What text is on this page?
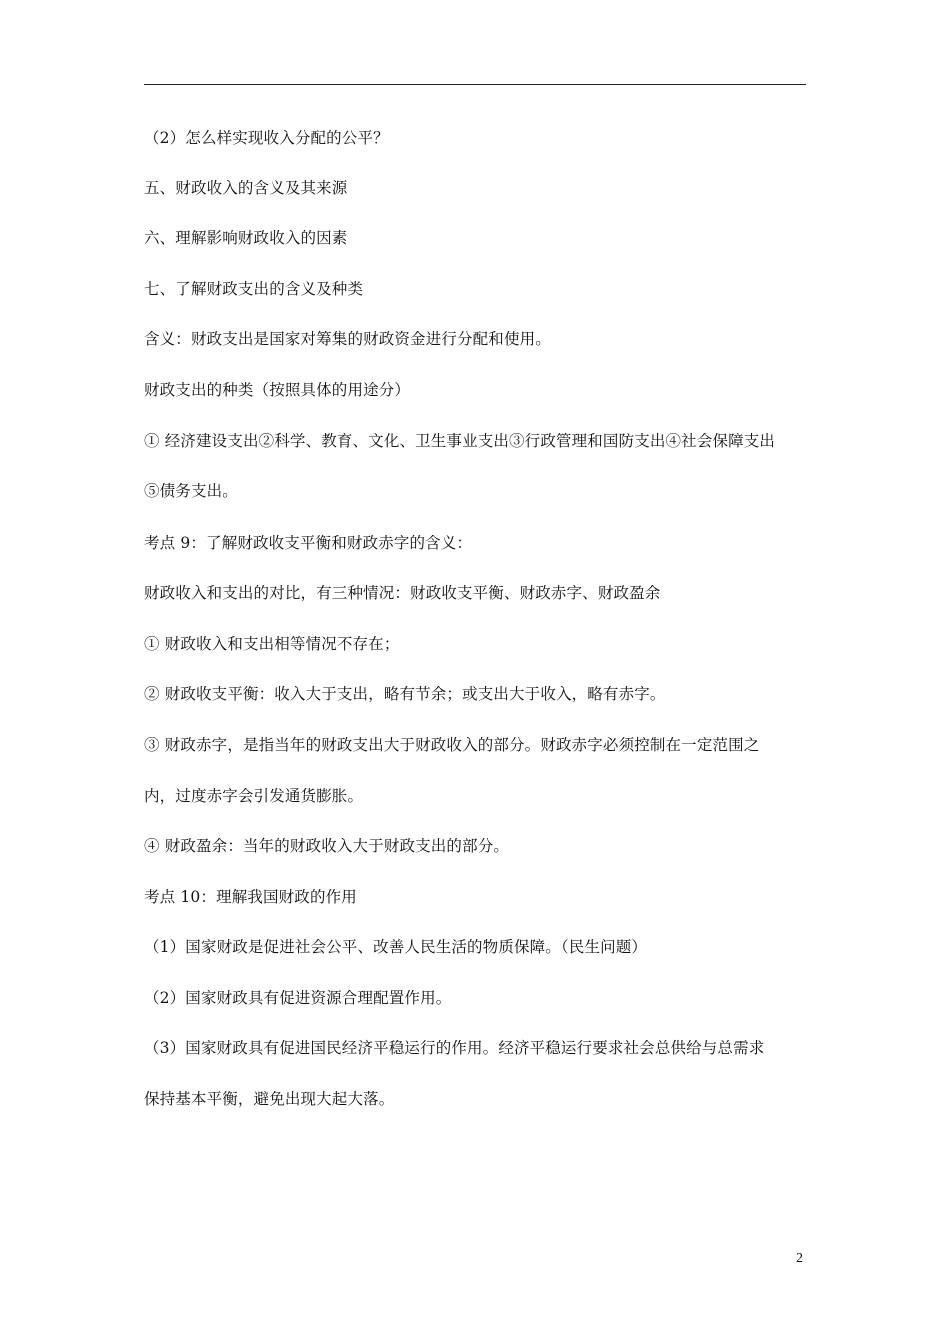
（2）怎么样实现收入分配的公平？
五、财政收入的含义及其来源
六、理解影响财政收入的因素
七、了解财政支出的含义及种类
含义：财政支出是国家对筹集的财政资金进行分配和使用。
财政支出的种类（按照具体的用途分）
① 经济建设支出②科学、教育、文化、卫生事业支出③行政管理和国防支出④社会保障支出
⑤债务支出。
考点 9：了解财政收支平衡和财政赤字的含义：
财政收入和支出的对比，有三种情况：财政收支平衡、财政赤字、财政盈余
① 财政收入和支出相等情况不存在；
② 财政收支平衡：收入大于支出，略有节余；或支出大于收入，略有赤字。
③ 财政赤字，是指当年的财政支出大于财政收入的部分。财政赤字必须控制在一定范围之
内，过度赤字会引发通货膨胀。
④ 财政盈余：当年的财政收入大于财政支出的部分。
考点 10：理解我国财政的作用
（1）国家财政是促进社会公平、改善人民生活的物质保障。（民生问题）
（2）国家财政具有促进资源合理配置作用。
（3）国家财政具有促进国民经济平稳运行的作用。经济平稳运行要求社会总供给与总需求
保持基本平衡，避免出现大起大落。
2
